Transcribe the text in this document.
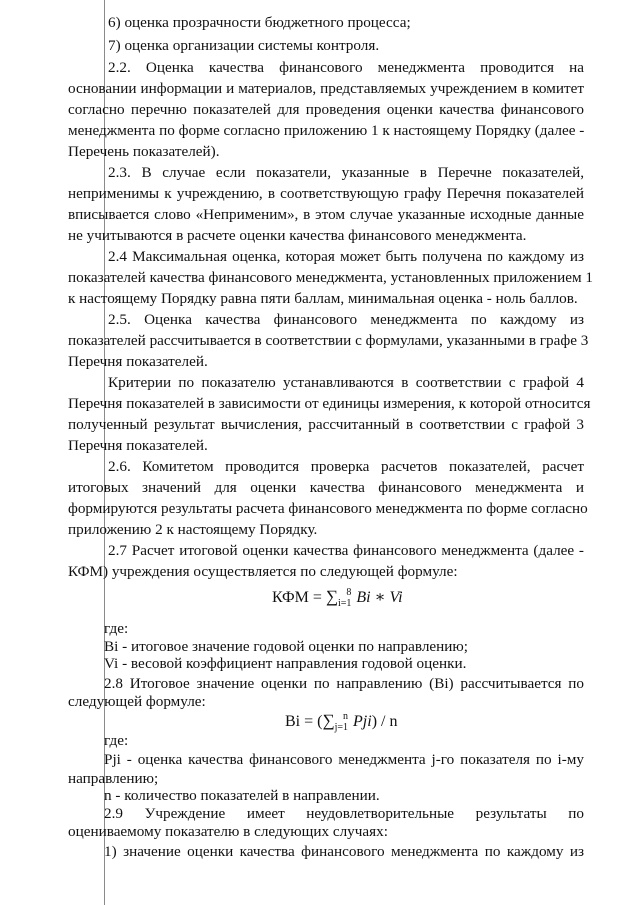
6) оценка прозрачности бюджетного процесса;
7) оценка организации системы контроля.
2.2. Оценка качества финансового менеджмента проводится на
основании информации и материалов, представляемых учреждением в комитет
согласно перечню показателей для проведения оценки качества финансового
менеджмента по форме согласно приложению 1 к настоящему Порядку (далее -
Перечень показателей).
2.3. В случае если показатели, указанные в Перечне показателей,
неприменимы к учреждению, в соответствующую графу Перечня показателей
вписывается слово «Неприменим», в этом случае указанные исходные данные
не учитываются в расчете оценки качества финансового менеджмента.
2.4 Максимальная оценка, которая может быть получена по каждому из
показателей качества финансового менеджмента, установленных приложением 1
к настоящему Порядку равна пяти баллам, минимальная оценка - ноль баллов.
2.5. Оценка качества финансового менеджмента по каждому из
показателей рассчитывается в соответствии с формулами, указанными в графе 3
Перечня показателей.
Критерии по показателю устанавливаются в соответствии с графой 4
Перечня показателей в зависимости от единицы измерения, к которой относится
полученный результат вычисления, рассчитанный в соответствии с графой 3
Перечня показателей.
2.6. Комитетом проводится проверка расчетов показателей, расчет
итоговых значений для оценки качества финансового менеджмента и
формируются результаты расчета финансового менеджмента по форме согласно
приложению 2 к настоящему Порядку.
2.7 Расчет итоговой оценки качества финансового менеджмента (далее -
КФМ) учреждения осуществляется по следующей формуле:
КФМ = $\sum_{i=1}^8$ Bi ∗ Vi
где:
Bi - итоговое значение годовой оценки по направлению;
Vi - весовой коэффициент направления годовой оценки.
2.8 Итоговое значение оценки по направлению (Bi) рассчитывается по
следующей формуле:
$Bi = (\sum_{j=1}^n$ Pji) / n
где:
Pji - оценка качества финансового менеджмента j-го показателя по i-му
направлению;
n - количество показателей в направлении.
2.9 Учреждение имеет неудовлетворительные результаты по
оцениваемому показателю в следующих случаях:
1) значение оценки качества финансового менеджмента по каждому из
